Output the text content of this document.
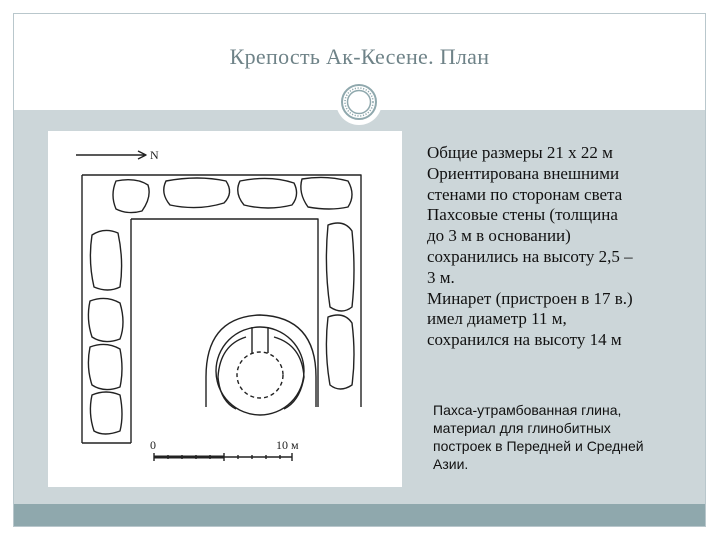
Крепость Ак-Кесене. План
N
0	10 м
Общие размеры 21 х 22 м
Ориентирована внешними
стенами по сторонам света
Пахсовые стены (толщина
до 3 м в основании)
сохранились на высоту 2,5 –
3 м.
Минарет (пристроен в 17 в.)
имел диаметр 11 м,
сохранился на высоту 14 м
Пахса-утрамбованная глина,
материал для глинобитных
построек в Передней и Средней
Азии.
